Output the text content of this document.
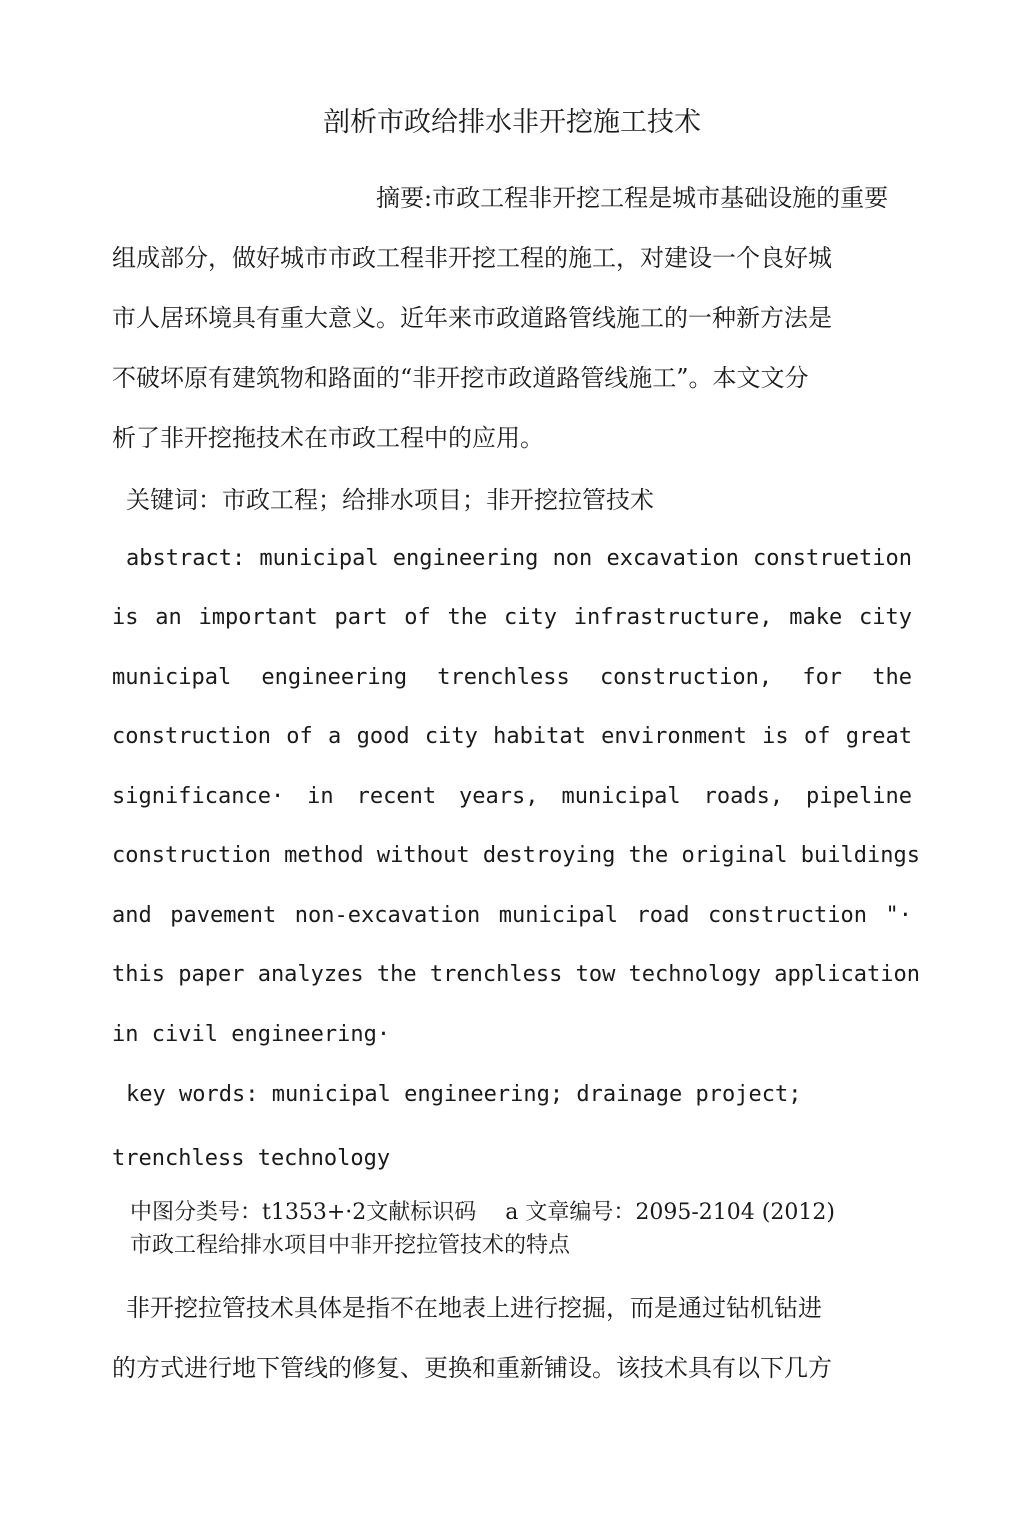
剖析市政给排水非开挖施工技术
摘要:市政工程非开挖工程是城市基础设施的重要
组成部分，做好城市市政工程非开挖工程的施工，对建设一个良好城
市人居环境具有重大意义。近年来市政道路管线施工的一种新方法是
不破坏原有建筑物和路面的“非开挖市政道路管线施工”。本文文分
析了非开挖拖技术在市政工程中的应用。
关键词：市政工程；给排水项目；非开挖拉管技术
abstract: municipal engineering non excavation construetion
is an important part of the city infrastructure, make city
municipal engineering trenchless construction, for the
construction of a good city habitat environment is of great
significance· in recent years, municipal roads, pipeline
construction method without destroying the original buildings
and pavement non-excavation municipal road construction "·
this paper analyzes the trenchless tow technology application
in civil engineering·
key words: municipal engineering; drainage project;
trenchless technology
中图分类号：t1353+·2文献标识码　 a 文章编号：2095-2104 (2012)
市政工程给排水项目中非开挖拉管技术的特点
非开挖拉管技术具体是指不在地表上进行挖掘，而是通过钻机钻进
的方式进行地下管线的修复、更换和重新铺设。该技术具有以下几方
